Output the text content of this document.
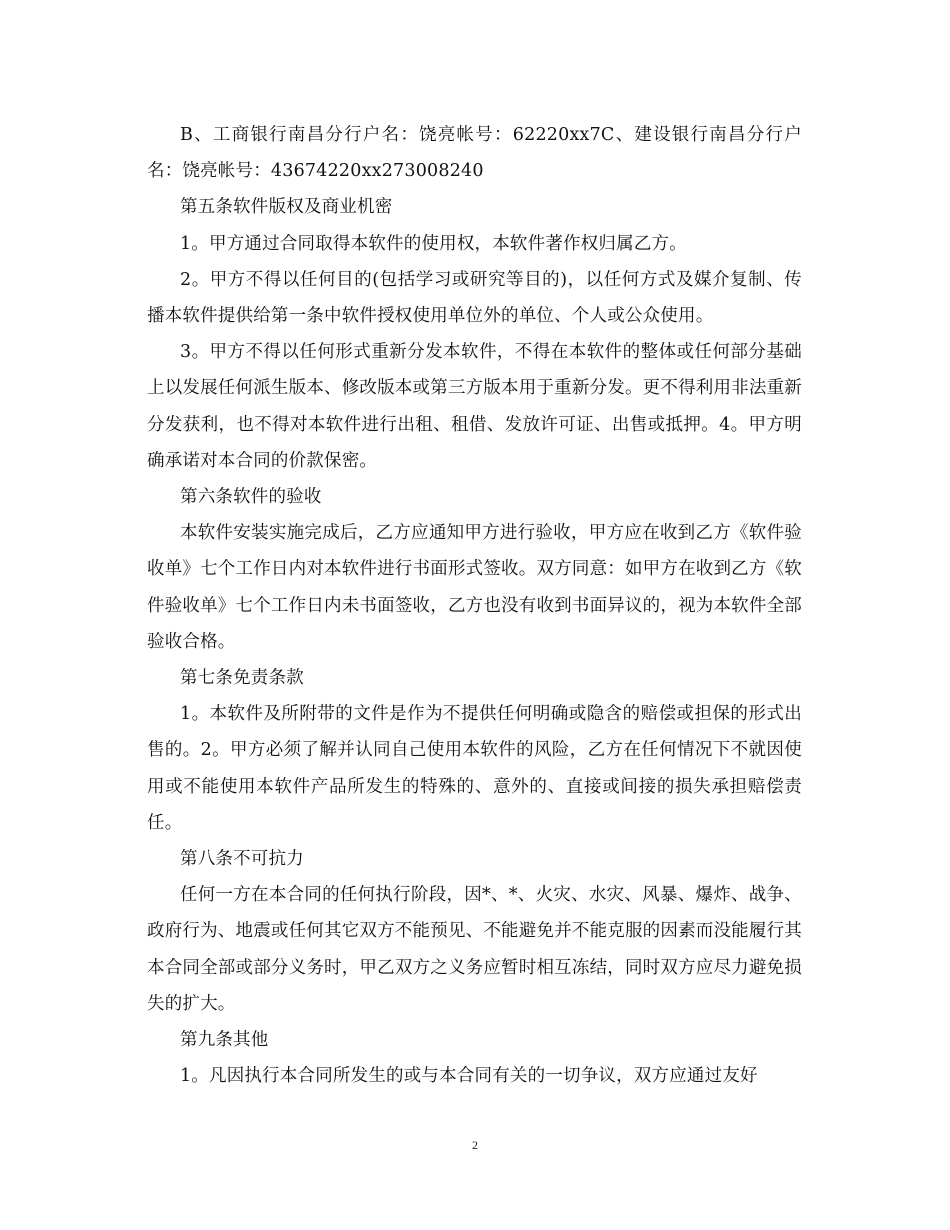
B、工商银行南昌分行户名：饶亮帐号：62220xx7C、建设银行南昌分行户名：饶亮帐号：43674220xx273008240

第五条软件版权及商业机密

1。甲方通过合同取得本软件的使用权，本软件著作权归属乙方。

2。甲方不得以任何目的(包括学习或研究等目的)，以任何方式及媒介复制、传播本软件提供给第一条中软件授权使用单位外的单位、个人或公众使用。

3。甲方不得以任何形式重新分发本软件，不得在本软件的整体或任何部分基础上以发展任何派生版本、修改版本或第三方版本用于重新分发。更不得利用非法重新分发获利，也不得对本软件进行出租、租借、发放许可证、出售或抵押。4。甲方明确承诺对本合同的价款保密。

第六条软件的验收

本软件安装实施完成后，乙方应通知甲方进行验收，甲方应在收到乙方《软件验收单》七个工作日内对本软件进行书面形式签收。双方同意：如甲方在收到乙方《软件验收单》七个工作日内未书面签收，乙方也没有收到书面异议的，视为本软件全部验收合格。

第七条免责条款

1。本软件及所附带的文件是作为不提供任何明确或隐含的赔偿或担保的形式出售的。2。甲方必须了解并认同自己使用本软件的风险，乙方在任何情况下不就因使用或不能使用本软件产品所发生的特殊的、意外的、直接或间接的损失承担赔偿责任。

第八条不可抗力

任何一方在本合同的任何执行阶段，因*、*、火灾、水灾、风暴、爆炸、战争、政府行为、地震或任何其它双方不能预见、不能避免并不能克服的因素而没能履行其本合同全部或部分义务时，甲乙双方之义务应暂时相互冻结，同时双方应尽力避免损失的扩大。

第九条其他

1。凡因执行本合同所发生的或与本合同有关的一切争议，双方应通过友好

2
